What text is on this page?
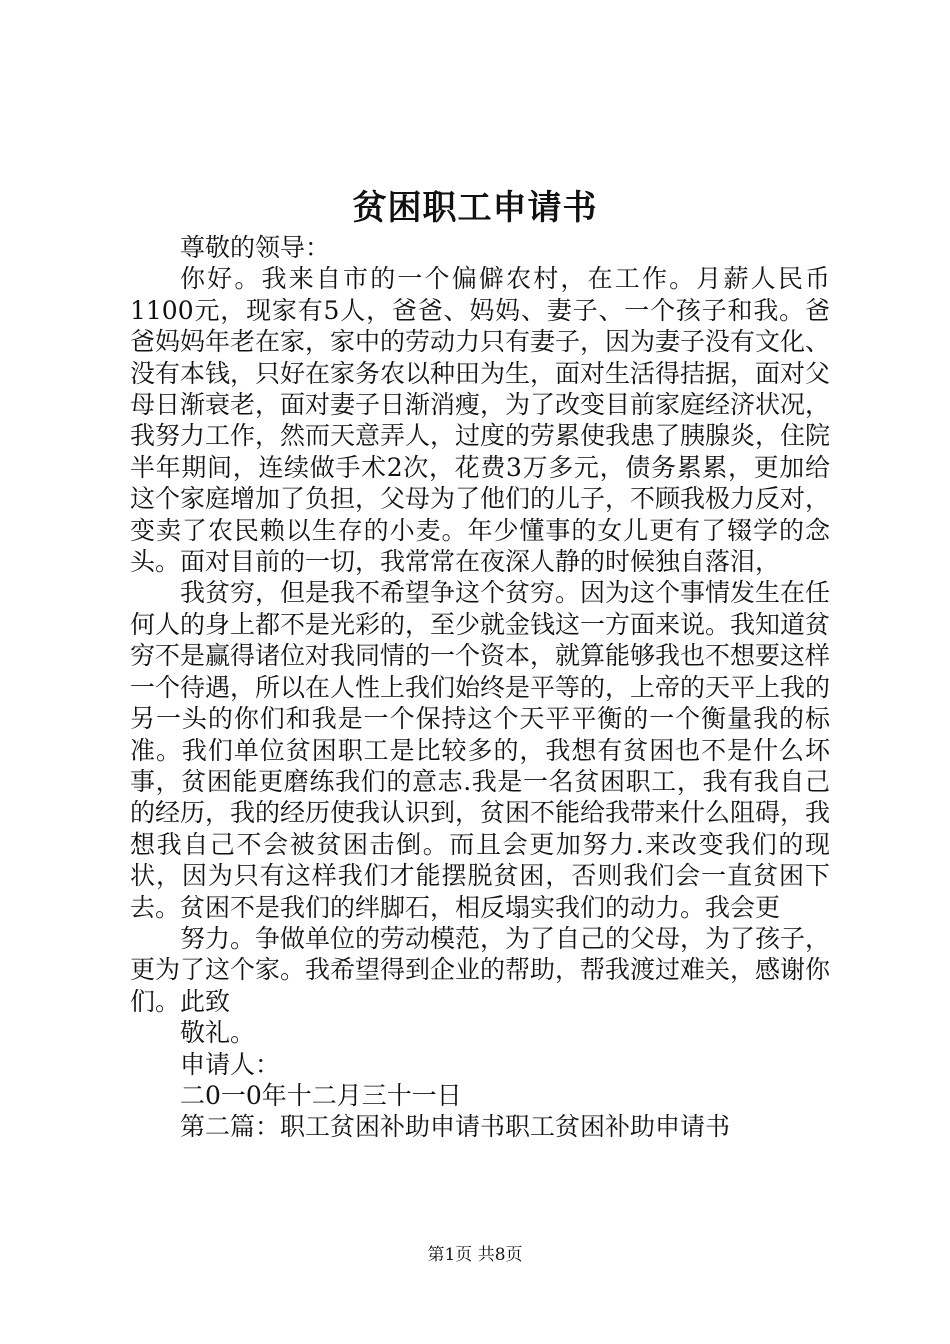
贫困职工申请书

尊敬的领导：

你好。我来自市的一个偏僻农村，在工作。月薪人民币1100元，现家有5人，爸爸、妈妈、妻子、一个孩子和我。爸爸妈妈年老在家，家中的劳动力只有妻子，因为妻子没有文化、没有本钱，只好在家务农以种田为生，面对生活得拮据，面对父母日渐衰老，面对妻子日渐消瘦，为了改变目前家庭经济状况，我努力工作，然而天意弄人，过度的劳累使我患了胰腺炎，住院半年期间，连续做手术2次，花费3万多元，债务累累，更加给这个家庭增加了负担，父母为了他们的儿子，不顾我极力反对，变卖了农民赖以生存的小麦。年少懂事的女儿更有了辍学的念头。面对目前的一切，我常常在夜深人静的时候独自落泪，

我贫穷，但是我不希望争这个贫穷。因为这个事情发生在任何人的身上都不是光彩的，至少就金钱这一方面来说。我知道贫穷不是赢得诸位对我同情的一个资本，就算能够我也不想要这样一个待遇，所以在人性上我们始终是平等的，上帝的天平上我的另一头的你们和我是一个保持这个天平平衡的一个衡量我的标准。我们单位贫困职工是比较多的，我想有贫困也不是什么坏事，贫困能更磨练我们的意志.我是一名贫困职工，我有我自己的经历，我的经历使我认识到，贫困不能给我带来什么阻碍，我想我自己不会被贫困击倒。而且会更加努力.来改变我们的现状，因为只有这样我们才能摆脱贫困，否则我们会一直贫困下去。贫困不是我们的绊脚石，相反塌实我们的动力。我会更

努力。争做单位的劳动模范，为了自己的父母，为了孩子，更为了这个家。我希望得到企业的帮助，帮我渡过难关，感谢你们。此致

敬礼。

申请人：

二0一0年十二月三十一日

第二篇：职工贫困补助申请书职工贫困补助申请书

第1页 共8页
